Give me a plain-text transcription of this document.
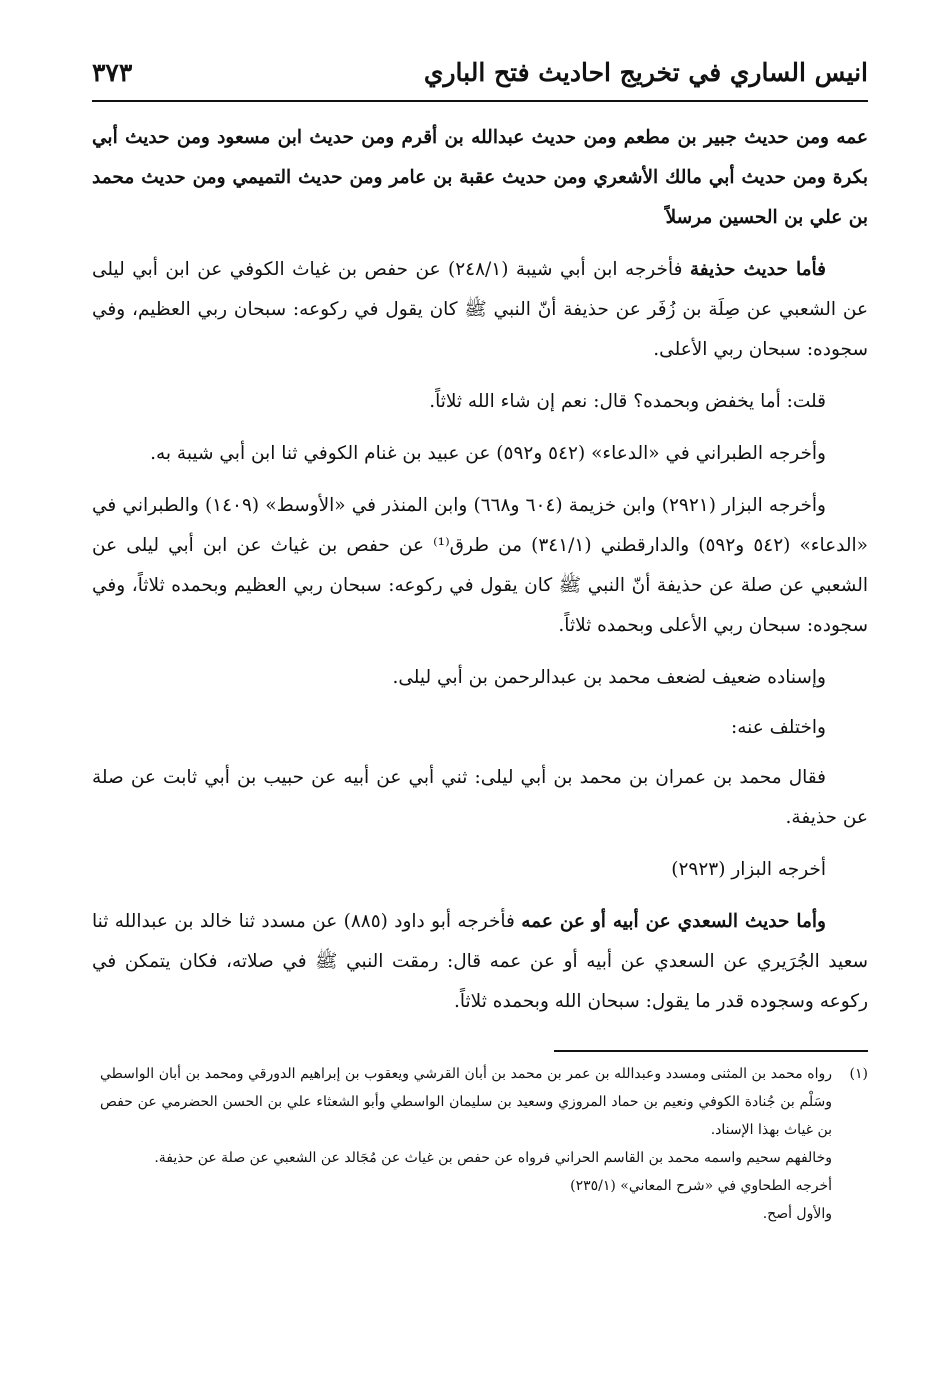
انيس الساري في تخريج احاديث فتح الباري
٣٧٣

عمه ومن حديث جبير بن مطعم ومن حديث عبدالله بن أقرم ومن حديث ابن مسعود ومن حديث أبي بكرة ومن حديث أبي مالك الأشعري ومن حديث عقبة بن عامر ومن حديث التميمي ومن حديث محمد بن علي بن الحسين مرسلاً

فأما حديث حذيفة فأخرجه ابن أبي شيبة (٢٤٨/١) عن حفص بن غياث الكوفي عن ابن أبي ليلى عن الشعبي عن صِلَة بن زُفَر عن حذيفة أنّ النبي ﷺ كان يقول في ركوعه: سبحان ربي العظيم، وفي سجوده: سبحان ربي الأعلى.

قلت: أما يخفض وبحمده؟ قال: نعم إن شاء الله ثلاثاً.

وأخرجه الطبراني في «الدعاء» (٥٤٢ و٥٩٢) عن عبيد بن غنام الكوفي ثنا ابن أبي شيبة به.

وأخرجه البزار (٢٩٢١) وابن خزيمة (٦٠٤ و٦٦٨) وابن المنذر في «الأوسط» (١٤٠٩) والطبراني في «الدعاء» (٥٤٢ و٥٩٢) والدارقطني (٣٤١/١) من طرق⁽¹⁾ عن حفص بن غياث عن ابن أبي ليلى عن الشعبي عن صلة عن حذيفة أنّ النبي ﷺ كان يقول في ركوعه: سبحان ربي العظيم وبحمده ثلاثاً، وفي سجوده: سبحان ربي الأعلى وبحمده ثلاثاً.

وإسناده ضعيف لضعف محمد بن عبدالرحمن بن أبي ليلى.

واختلف عنه:

فقال محمد بن عمران بن محمد بن أبي ليلى: ثني أبي عن أبيه عن حبيب بن أبي ثابت عن صلة عن حذيفة.

أخرجه البزار (٢٩٢٣)

وأما حديث السعدي عن أبيه أو عن عمه فأخرجه أبو داود (٨٨٥) عن مسدد ثنا خالد بن عبدالله ثنا سعيد الجُرَيري عن السعدي عن أبيه أو عن عمه قال: رمقت النبي ﷺ في صلاته، فكان يتمكن في ركوعه وسجوده قدر ما يقول: سبحان الله وبحمده ثلاثاً.

(١)

رواه محمد بن المثنى ومسدد وعبدالله بن عمر بن محمد بن أبان القرشي ويعقوب بن إبراهيم الدورقي ومحمد بن أبان الواسطي وسَلْم بن جُنادة الكوفي ونعيم بن حماد المروزي وسعيد بن سليمان الواسطي وأبو الشعثاء علي بن الحسن الحضرمي عن حفص بن غياث بهذا الإسناد.

وخالفهم سحيم واسمه محمد بن القاسم الحراني فرواه عن حفص بن غياث عن مُجَالد عن الشعبي عن صلة عن حذيفة.

أخرجه الطحاوي في «شرح المعاني» (٢٣٥/١)

والأول أصح.
